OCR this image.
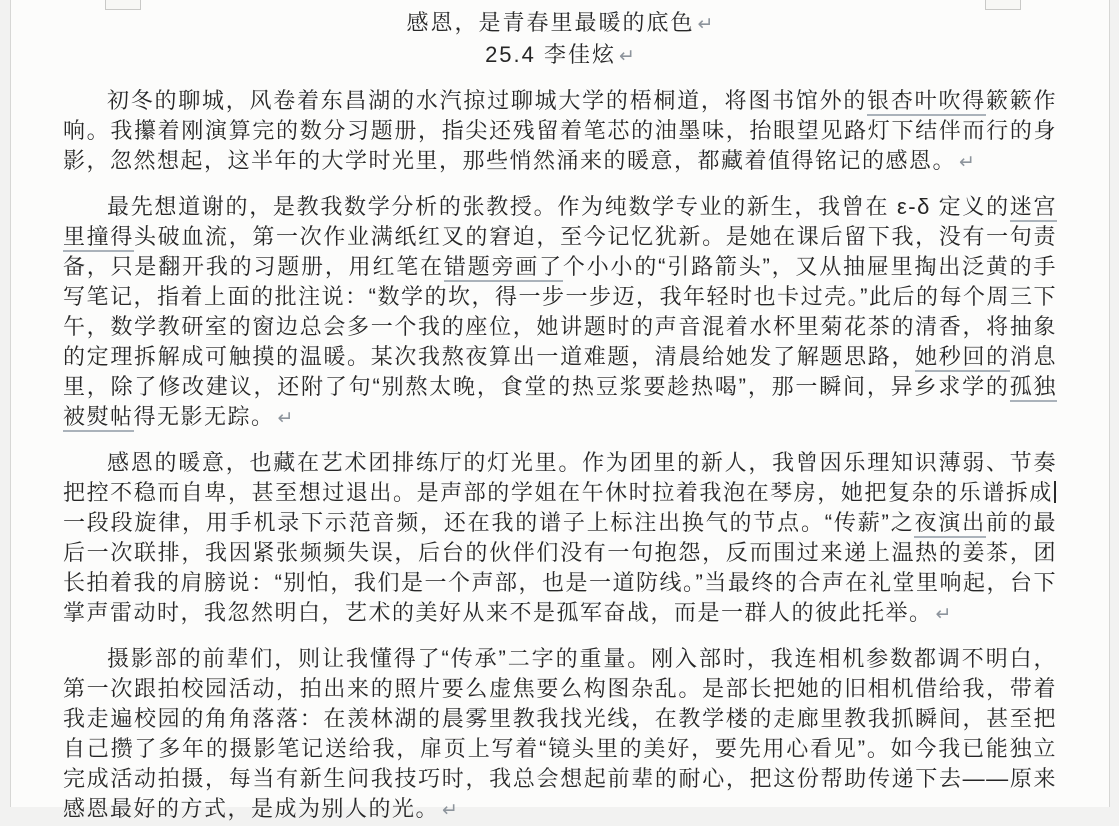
感恩，是青春里最暖的底色 ↵
25.4 李佳炫 ↵

初冬的聊城，风卷着东昌湖的水汽掠过聊城大学的梧桐道，将图书馆外的银杏叶吹得簌簌作响。我攥着刚演算完的数分习题册，指尖还残留着笔芯的油墨味，抬眼望见路灯下结伴而行的身影，忽然想起，这半年的大学时光里，那些悄然涌来的暖意，都藏着值得铭记的感恩。 ↵

最先想道谢的，是教我数学分析的张教授。作为纯数学专业的新生，我曾在 ε-δ 定义的迷宫里撞得头破血流，第一次作业满纸红叉的窘迫，至今记忆犹新。是她在课后留下我，没有一句责备，只是翻开我的习题册，用红笔在错题旁画了个小小的“引路箭头”，又从抽屉里掏出泛黄的手写笔记，指着上面的批注说：“数学的坎，得一步一步迈，我年轻时也卡过壳。”此后的每个周三下午，数学教研室的窗边总会多一个我的座位，她讲题时的声音混着水杯里菊花茶的清香，将抽象的定理拆解成可触摸的温暖。某次我熬夜算出一道难题，清晨给她发了解题思路，她秒回的消息里，除了修改建议，还附了句“别熬太晚，食堂的热豆浆要趁热喝”，那一瞬间，异乡求学的孤独被熨帖得无影无踪。 ↵

感恩的暖意，也藏在艺术团排练厅的灯光里。作为团里的新人，我曾因乐理知识薄弱、节奏把控不稳而自卑，甚至想过退出。是声部的学姐在午休时拉着我泡在琴房，她把复杂的乐谱拆成一段段旋律，用手机录下示范音频，还在我的谱子上标注出换气的节点。“传薪”之夜演出前的最后一次联排，我因紧张频频失误，后台的伙伴们没有一句抱怨，反而围过来递上温热的姜茶，团长拍着我的肩膀说：“别怕，我们是一个声部，也是一道防线。”当最终的合声在礼堂里响起，台下掌声雷动时，我忽然明白，艺术的美好从来不是孤军奋战，而是一群人的彼此托举。 ↵

摄影部的前辈们，则让我懂得了“传承”二字的重量。刚入部时，我连相机参数都调不明白，第一次跟拍校园活动，拍出来的照片要么虚焦要么构图杂乱。是部长把她的旧相机借给我，带着我走遍校园的角角落落：在羡林湖的晨雾里教我找光线，在教学楼的走廊里教我抓瞬间，甚至把自己攒了多年的摄影笔记送给我，扉页上写着“镜头里的美好，要先用心看见”。如今我已能独立完成活动拍摄，每当有新生问我技巧时，我总会想起前辈的耐心，把这份帮助传递下去——原来感恩最好的方式，是成为别人的光。 ↵
